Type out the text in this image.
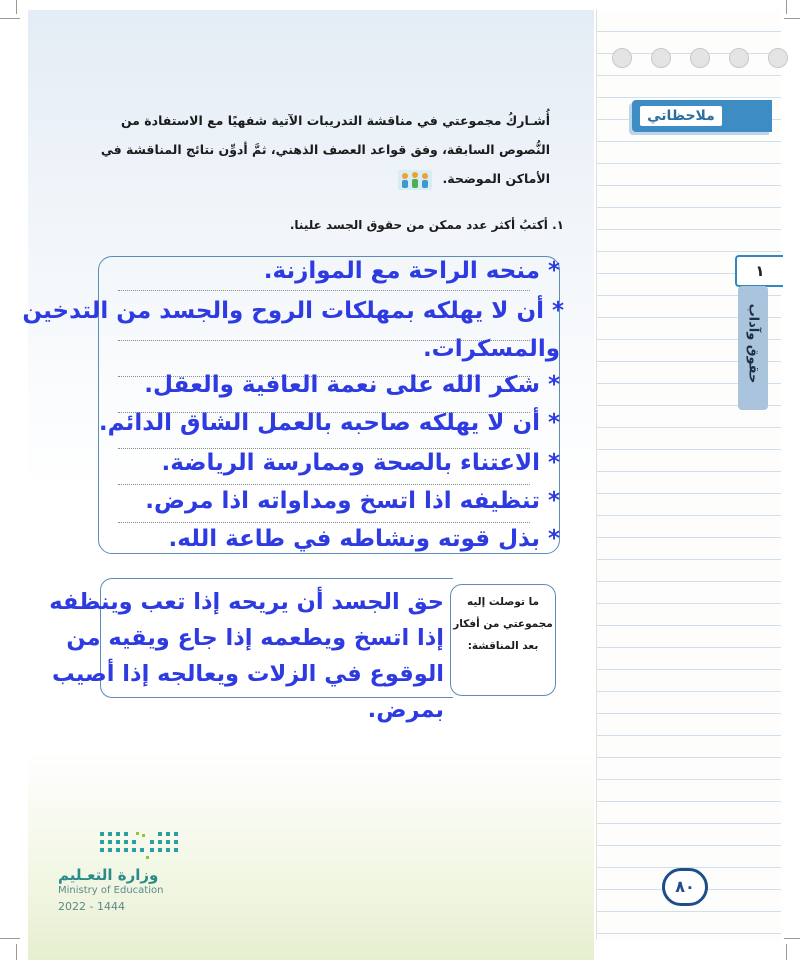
ملاحظاتي
١
حقوق وآداب
أُشـاركُ مجموعتي في مناقشة التدريبات الآتية شفهيًا مع الاستفادة من النُّصوص السابقة، وفق قواعد العصف الذهني، ثمَّ أدوِّن نتائج المناقشة في الأماكن الموضحة.
١. أكتبُ أكثر عدد ممكن من حقوق الجسد علينا.
* منحه الراحة مع الموازنة.
* أن لا يهلكه بمهلكات الروح والجسد من التدخين
والمسكرات.
* شكر الله على نعمة العافية والعقل.
* أن لا يهلكه صاحبه بالعمل الشاق الدائم.
* الاعتناء بالصحة وممارسة الرياضة.
* تنظيفه اذا اتسخ ومداواته اذا مرض.
* بذل قوته ونشاطه في طاعة الله.
ما توصلت إليه مجموعتي من أفكار بعد المناقشة:
حق الجسد أن يريحه إذا تعب وينظفه إذا اتسخ ويطعمه إذا جاع ويقيه من الوقوع في الزلات ويعالجه إذا أصيب بمرض.
وزارة التعـليم
Ministry of Education
2022 - 1444
٨٠
